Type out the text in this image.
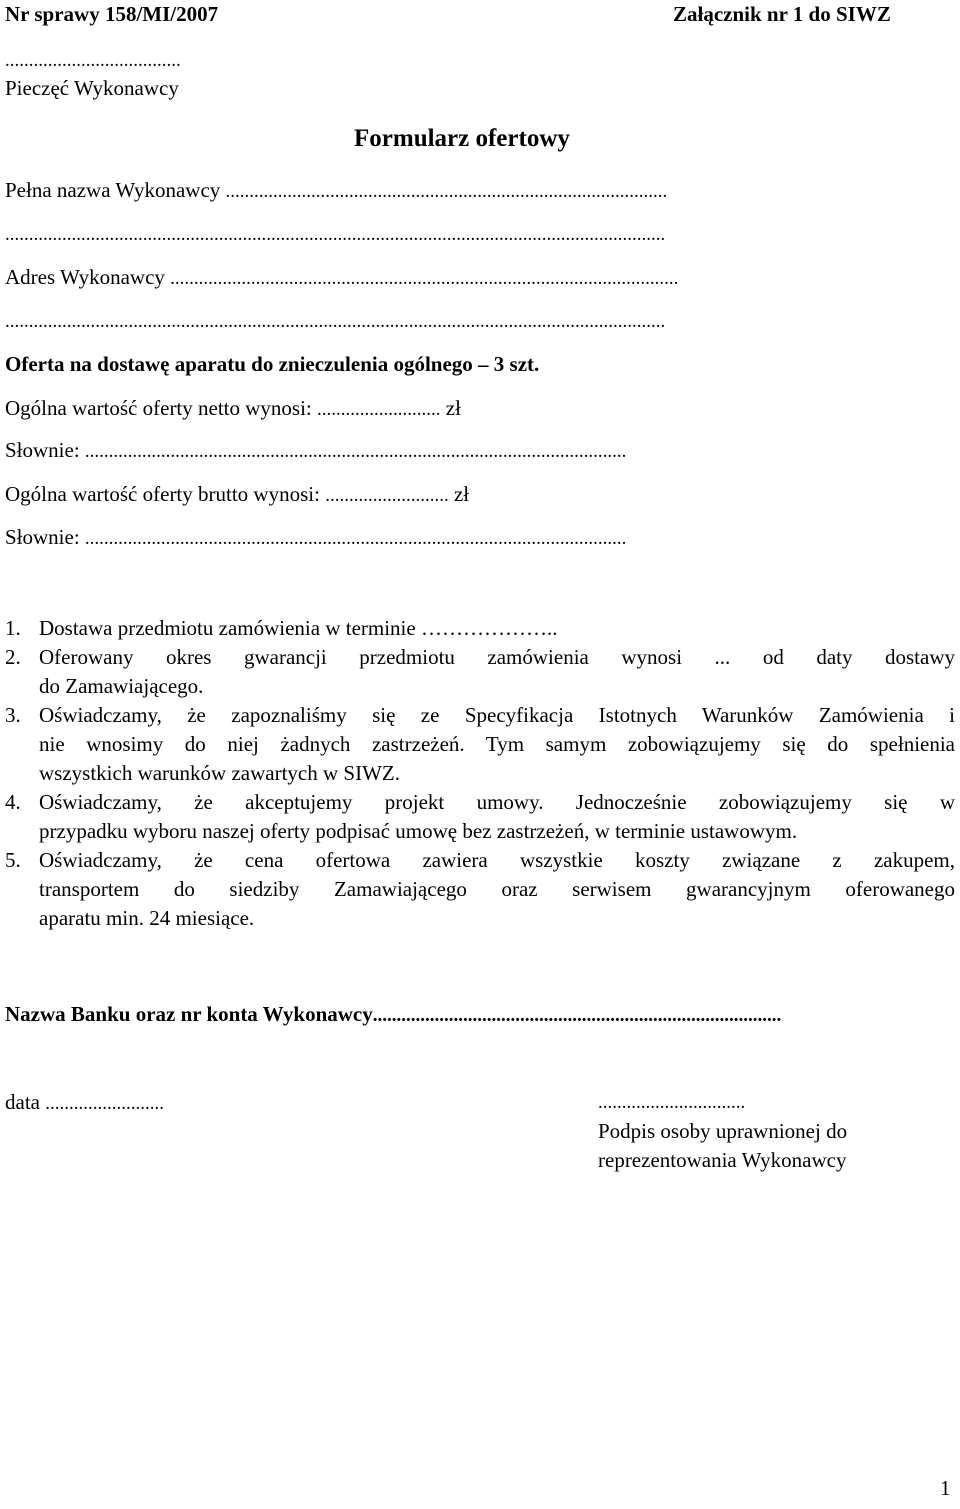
Nr sprawy 158/MI/2007	Załącznik nr 1 do SIWZ
.....................................
Pieczęć Wykonawcy
Formularz ofertowy
Pełna nazwa Wykonawcy .............................................................................................
...........................................................................................................................................
Adres Wykonawcy ...........................................................................................................
...........................................................................................................................................
Oferta na dostawę aparatu do znieczulenia ogólnego – 3 szt.
Ogólna wartość oferty netto wynosi: .......................... zł
Słownie: ..................................................................................................................
Ogólna wartość oferty brutto wynosi: .......................... zł
Słownie: ..................................................................................................................
1. Dostawa przedmiotu zamówienia w terminie ………………..
2. Oferowany okres gwarancji przedmiotu zamówienia wynosi ... od daty dostawy
do Zamawiającego.
3. Oświadczamy, że zapoznaliśmy się ze Specyfikacja Istotnych Warunków Zamówienia i
nie wnosimy do niej żadnych zastrzeżeń. Tym samym zobowiązujemy się do spełnienia
wszystkich warunków zawartych w SIWZ.
4. Oświadczamy, że akceptujemy projekt umowy. Jednocześnie zobowiązujemy się w
przypadku wyboru naszej oferty podpisać umowę bez zastrzeżeń, w terminie ustawowym.
5. Oświadczamy, że cena ofertowa zawiera wszystkie koszty związane z zakupem,
transportem do siedziby Zamawiającego oraz serwisem gwarancyjnym oferowanego
aparatu min. 24 miesiące.
Nazwa Banku oraz nr konta Wykonawcy......................................................................................
data .........................	...............................
Podpis osoby uprawnionej do
reprezentowania Wykonawcy
1
